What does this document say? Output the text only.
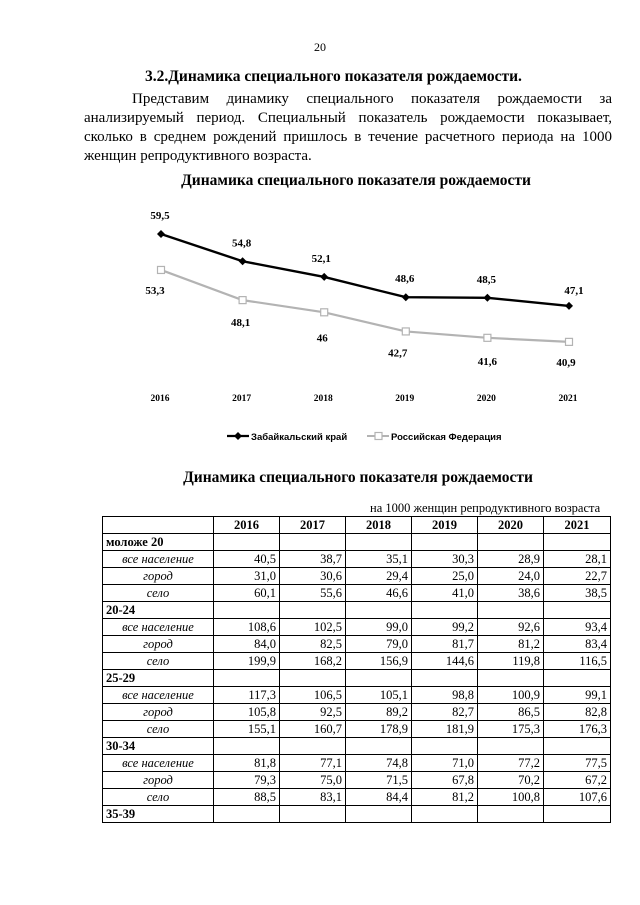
20
3.2.Динамика специального показателя рождаемости.

Представим динамику специального показателя рождаемости за анализируемый период. Специальный показатель рождаемости показывает, сколько в среднем рождений пришлось в течение расчетного периода на 1000 женщин репродуктивного возраста.

Динамика специального показателя рождаемости
59,5
54,8
52,1
48,6	48,5
47,1
53,3
48,1
46
42,7
41,6	40,9
2016	2017	2018	2019	2020	2021
Забайкальский край	Российская Федерация
Динамика специального показателя рождаемости
на 1000 женщин репродуктивного возраста
	2016	2017	2018	2019	2020	2021
моложе 20						
все население	40,5	38,7	35,1	30,3	28,9	28,1
город	31,0	30,6	29,4	25,0	24,0	22,7
село	60,1	55,6	46,6	41,0	38,6	38,5
20-24						
все население	108,6	102,5	99,0	99,2	92,6	93,4
город	84,0	82,5	79,0	81,7	81,2	83,4
село	199,9	168,2	156,9	144,6	119,8	116,5
25-29						
все население	117,3	106,5	105,1	98,8	100,9	99,1
город	105,8	92,5	89,2	82,7	86,5	82,8
село	155,1	160,7	178,9	181,9	175,3	176,3
30-34						
все население	81,8	77,1	74,8	71,0	77,2	77,5
город	79,3	75,0	71,5	67,8	70,2	67,2
село	88,5	83,1	84,4	81,2	100,8	107,6
35-39						
